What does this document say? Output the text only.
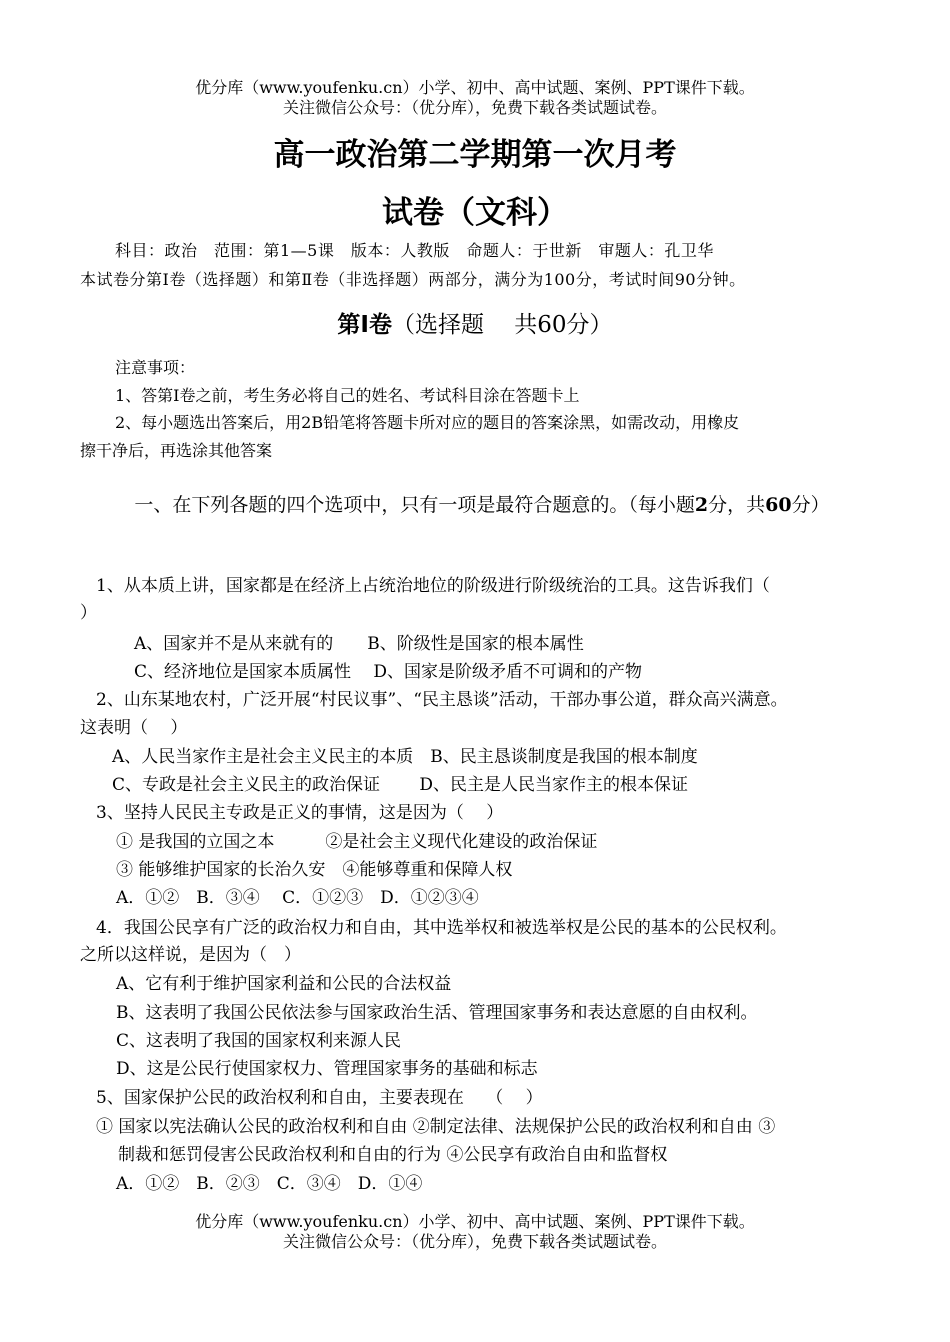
优分库（www.youfenku.cn）小学、初中、高中试题、案例、PPT课件下载。
关注微信公众号：（优分库），免费下载各类试题试卷。
高一政治第二学期第一次月考
试卷（文科）
科目：政治　范围：第1—5课　版本：人教版　命题人：于世新　审题人：孔卫华
本试卷分第Ⅰ卷（选择题）和第Ⅱ卷（非选择题）两部分，满分为100分，考试时间90分钟。
第Ⅰ卷（选择题　 共60分）
注意事项：
1、答第Ⅰ卷之前，考生务必将自己的姓名、考试科目涂在答题卡上
2、每小题选出答案后，用2B铅笔将答题卡所对应的题目的答案涂黑，如需改动，用橡皮
擦干净后，再选涂其他答案
一、在下列各题的四个选项中，只有一项是最符合题意的。（每小题2分，共60分）
1、从本质上讲，国家都是在经济上占统治地位的阶级进行阶级统治的工具。这告诉我们（
）
A、国家并不是从来就有的　　B、阶级性是国家的根本属性
C、经济地位是国家本质属性　 D、国家是阶级矛盾不可调和的产物
2、山东某地农村，广泛开展“村民议事”、“民主恳谈”活动，干部办事公道，群众高兴满意。
这表明（　 ）
A、人民当家作主是社会主义民主的本质　B、民主恳谈制度是我国的根本制度
C、专政是社会主义民主的政治保证　　 D、民主是人民当家作主的根本保证
3、坚持人民民主专政是正义的事情，这是因为（　 ）
① 是我国的立国之本　　　②是社会主义现代化建设的政治保证
③ 能够维护国家的长治久安　④能够尊重和保障人权
A．①②　B．③④　 C．①②③　D．①②③④
4．我国公民享有广泛的政治权力和自由，其中选举权和被选举权是公民的基本的公民权利。
之所以这样说，是因为（　）
A、它有利于维护国家利益和公民的合法权益
B、这表明了我国公民依法参与国家政治生活、管理国家事务和表达意愿的自由权利。
C、这表明了我国的国家权利来源人民
D、这是公民行使国家权力、管理国家事务的基础和标志
5、国家保护公民的政治权利和自由，主要表现在　 （　 ）
① 国家以宪法确认公民的政治权利和自由 ②制定法律、法规保护公民的政治权利和自由 ③
制裁和惩罚侵害公民政治权利和自由的行为 ④公民享有政治自由和监督权
A．①②　B．②③　C．③④　D．①④
优分库（www.youfenku.cn）小学、初中、高中试题、案例、PPT课件下载。
关注微信公众号：（优分库），免费下载各类试题试卷。
